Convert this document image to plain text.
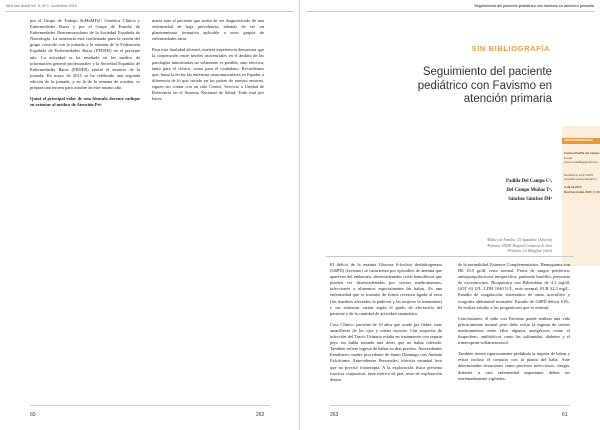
Med fam Andal Vol. 8, Nº 1, noviembre 2015

por el Grupo de Trabajo SoMaMFyC Genética Clínica y Enfermedades Raras y por el Grupo de Estudio de Enfermedades Neuromusculares de la Sociedad Española de Neurología. La asistencia está confirmada pues la sesión del grupo coincide con la jornada y la reunión de la Federación Española de Enfermedades Raras (FEDER) en el presente año. La actividad se ha reseñado en los medios de información general profesionales y la Sociedad Española de Enfermedades Raras (FEDER) emitió el anuncio de la jornada. En mayo de 2015 se ha celebrado una segunda edición de la jornada, y en la de la semana de octubre, se prepara una tercera para octubre de este mismo año.

Quizá el principal valor de esta fórmula docente radique en orientar al médico de Atención Pri-

maria ante el paciente que acaba de ser diagnosticado de una enfermedad de baja prevalencia, además de ser un planteamiento formativo aplicable a otros grupos de enfermedades raras.

Para esta finalidad alcanzó, nuestra experiencia demuestra que la cooperación entre niveles asistenciales en el ámbito de las patologías minoritarias no solamente es posible, sino efectiva, tanto para el clínico, como para el ciudadano. Recordemos que, hasta la fecha, las enfermas neuromusculares en España, a diferencia de lo que sucede en los países de nuestro entorno, siguen sin contar con un sólo Centro, Servicio o Unidad de Referencia en el Sistema Nacional de Salud. Todo está por hacer.

60	262
Seguimiento del paciente pediátrico con favismo en atención primaria
SIN BIBLIOGRAFÍA
Seguimiento del paciente pediátrico con Favismo en atención primaria
Padilla Del Campo C¹,
Del Campo Muñoz T²,
Sánchez Sánchez IM³
¹Médico de Familia. CS Aguadulce (Almería)
²Pediatra. HOSP. Hospital Comarcal de Jaén
³Pediatra. CS Mengíbar (Jaén)
CORRESPONDENCIA
Carmen Padilla del Campo
E-mail: carmen.padilla@gmail.com
Recibido el 14-07-2015; aceptado para publicación
el 28-10-2015
Med fam Andal. 2015; 1: 60

El déficit de la enzima Glucosa 6-fosfato deshidrogenasa (G6PD) (favismo) se caracteriza por episodios de anemia que aparecen del embarazo, desencadenados crisis hemolíticas que pueden ser desencadenadas por ciertos medicamentos, infecciones o alimentos especialmente las habas. Es una enfermedad que se trasmite de forma recesiva ligada al sexo (los hombres afectados la padecen y las mujeres la transmiten) y sus síntomas varían según el grado de afectación del paciente y de la cantidad de actividad enzimática.

Caso Clínico: paciente de 10 años que acude por fiebre, tinte amarillento de los ojos y orinas oscuras. Con sospecha de infección del Tracto Urinario estaba en tratamiento con septrin pero sin habla tomado una dosis que no había tolerado. También refiere ingesta de habas en días previos. Antecedentes Familiares: madre procedente de Santo Domingo con Anemia Falciforme. Antecedentes Personales: ictericia neonatal leve que no precisó fototerapia. A la exploración física presenta ictericia conjuntival, tinte ictérico de piel, resto de exploración dentro

de la normalidad. Estrenos Complementarios: Hemograma con Hb 10.5 gr/dl, resto normal. Frotis de sangre periférica: anisopoiquilocitosis inespecífica, punteado basófilo, presencia de excentrocitos. Bioquímica con Bilirrubina de 4.1 mg/dl, GOT 63 U/L, LDH 1040 U/L, resto normal. PCR 32,3 mg/L. Estudio de coagulación, sistemático de orina, urocultivo y ecografía abdominal normales. Estudio de G6PD déficit 61%. Se realiza estudio a los progenitores que es normal.

Conclusiones: el niño con Favismo puede realizar una vida prácticamente normal pero debe evitar la ingesta de ciertos medicamentos entre ellos algunos analgésicos como el ibuprofeno, antibióticos como las sulfamidas, diabetes y el trimetoprim-sulfametoxazol.

También tienen rigurosamente prohibida la ingesta de habas y evitar incluso el contacto con la planta del haba. Ante determinadas situaciones como procesos infecciosos, cirugía, diabetes u otra enfermedad importante deben ser extremadamente vigilados.

263	61
